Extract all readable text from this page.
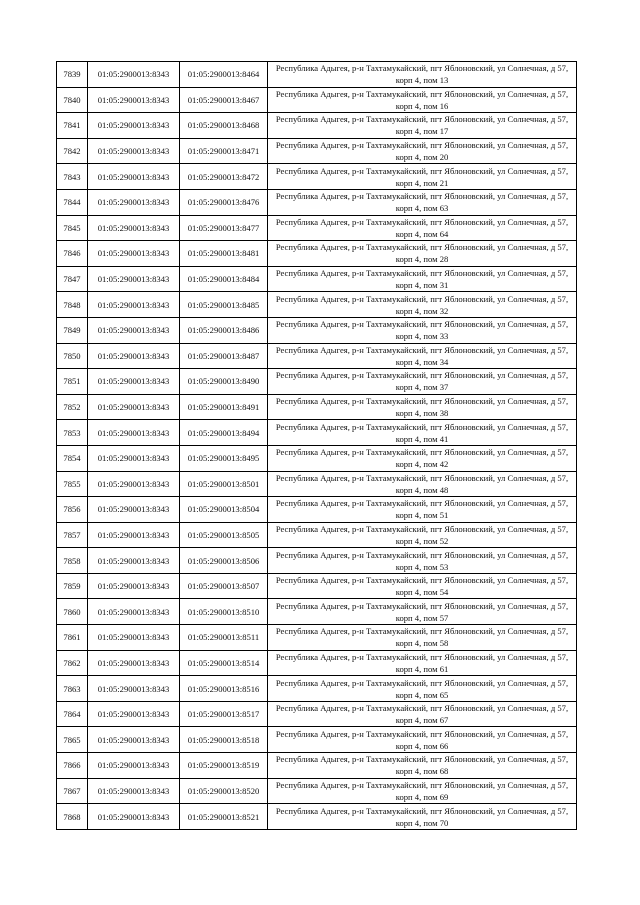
7839	01:05:2900013:8343	01:05:2900013:8464	Республика Адыгея, р-н Тахтамукайский, пгт Яблоновский, ул Солнечная, д 57, корп 4, пом 13
7840	01:05:2900013:8343	01:05:2900013:8467	Республика Адыгея, р-н Тахтамукайский, пгт Яблоновский, ул Солнечная, д 57, корп 4, пом 16
7841	01:05:2900013:8343	01:05:2900013:8468	Республика Адыгея, р-н Тахтамукайский, пгт Яблоновский, ул Солнечная, д 57, корп 4, пом 17
7842	01:05:2900013:8343	01:05:2900013:8471	Республика Адыгея, р-н Тахтамукайский, пгт Яблоновский, ул Солнечная, д 57, корп 4, пом 20
7843	01:05:2900013:8343	01:05:2900013:8472	Республика Адыгея, р-н Тахтамукайский, пгт Яблоновский, ул Солнечная, д 57, корп 4, пом 21
7844	01:05:2900013:8343	01:05:2900013:8476	Республика Адыгея, р-н Тахтамукайский, пгт Яблоновский, ул Солнечная, д 57, корп 4, пом 63
7845	01:05:2900013:8343	01:05:2900013:8477	Республика Адыгея, р-н Тахтамукайский, пгт Яблоновский, ул Солнечная, д 57, корп 4, пом 64
7846	01:05:2900013:8343	01:05:2900013:8481	Республика Адыгея, р-н Тахтамукайский, пгт Яблоновский, ул Солнечная, д 57, корп 4, пом 28
7847	01:05:2900013:8343	01:05:2900013:8484	Республика Адыгея, р-н Тахтамукайский, пгт Яблоновский, ул Солнечная, д 57, корп 4, пом 31
7848	01:05:2900013:8343	01:05:2900013:8485	Республика Адыгея, р-н Тахтамукайский, пгт Яблоновский, ул Солнечная, д 57, корп 4, пом 32
7849	01:05:2900013:8343	01:05:2900013:8486	Республика Адыгея, р-н Тахтамукайский, пгт Яблоновский, ул Солнечная, д 57, корп 4, пом 33
7850	01:05:2900013:8343	01:05:2900013:8487	Республика Адыгея, р-н Тахтамукайский, пгт Яблоновский, ул Солнечная, д 57, корп 4, пом 34
7851	01:05:2900013:8343	01:05:2900013:8490	Республика Адыгея, р-н Тахтамукайский, пгт Яблоновский, ул Солнечная, д 57, корп 4, пом 37
7852	01:05:2900013:8343	01:05:2900013:8491	Республика Адыгея, р-н Тахтамукайский, пгт Яблоновский, ул Солнечная, д 57, корп 4, пом 38
7853	01:05:2900013:8343	01:05:2900013:8494	Республика Адыгея, р-н Тахтамукайский, пгт Яблоновский, ул Солнечная, д 57, корп 4, пом 41
7854	01:05:2900013:8343	01:05:2900013:8495	Республика Адыгея, р-н Тахтамукайский, пгт Яблоновский, ул Солнечная, д 57, корп 4, пом 42
7855	01:05:2900013:8343	01:05:2900013:8501	Республика Адыгея, р-н Тахтамукайский, пгт Яблоновский, ул Солнечная, д 57, корп 4, пом 48
7856	01:05:2900013:8343	01:05:2900013:8504	Республика Адыгея, р-н Тахтамукайский, пгт Яблоновский, ул Солнечная, д 57, корп 4, пом 51
7857	01:05:2900013:8343	01:05:2900013:8505	Республика Адыгея, р-н Тахтамукайский, пгт Яблоновский, ул Солнечная, д 57, корп 4, пом 52
7858	01:05:2900013:8343	01:05:2900013:8506	Республика Адыгея, р-н Тахтамукайский, пгт Яблоновский, ул Солнечная, д 57, корп 4, пом 53
7859	01:05:2900013:8343	01:05:2900013:8507	Республика Адыгея, р-н Тахтамукайский, пгт Яблоновский, ул Солнечная, д 57, корп 4, пом 54
7860	01:05:2900013:8343	01:05:2900013:8510	Республика Адыгея, р-н Тахтамукайский, пгт Яблоновский, ул Солнечная, д 57, корп 4, пом 57
7861	01:05:2900013:8343	01:05:2900013:8511	Республика Адыгея, р-н Тахтамукайский, пгт Яблоновский, ул Солнечная, д 57, корп 4, пом 58
7862	01:05:2900013:8343	01:05:2900013:8514	Республика Адыгея, р-н Тахтамукайский, пгт Яблоновский, ул Солнечная, д 57, корп 4, пом 61
7863	01:05:2900013:8343	01:05:2900013:8516	Республика Адыгея, р-н Тахтамукайский, пгт Яблоновский, ул Солнечная, д 57, корп 4, пом 65
7864	01:05:2900013:8343	01:05:2900013:8517	Республика Адыгея, р-н Тахтамукайский, пгт Яблоновский, ул Солнечная, д 57, корп 4, пом 67
7865	01:05:2900013:8343	01:05:2900013:8518	Республика Адыгея, р-н Тахтамукайский, пгт Яблоновский, ул Солнечная, д 57, корп 4, пом 66
7866	01:05:2900013:8343	01:05:2900013:8519	Республика Адыгея, р-н Тахтамукайский, пгт Яблоновский, ул Солнечная, д 57, корп 4, пом 68
7867	01:05:2900013:8343	01:05:2900013:8520	Республика Адыгея, р-н Тахтамукайский, пгт Яблоновский, ул Солнечная, д 57, корп 4, пом 69
7868	01:05:2900013:8343	01:05:2900013:8521	Республика Адыгея, р-н Тахтамукайский, пгт Яблоновский, ул Солнечная, д 57, корп 4, пом 70
